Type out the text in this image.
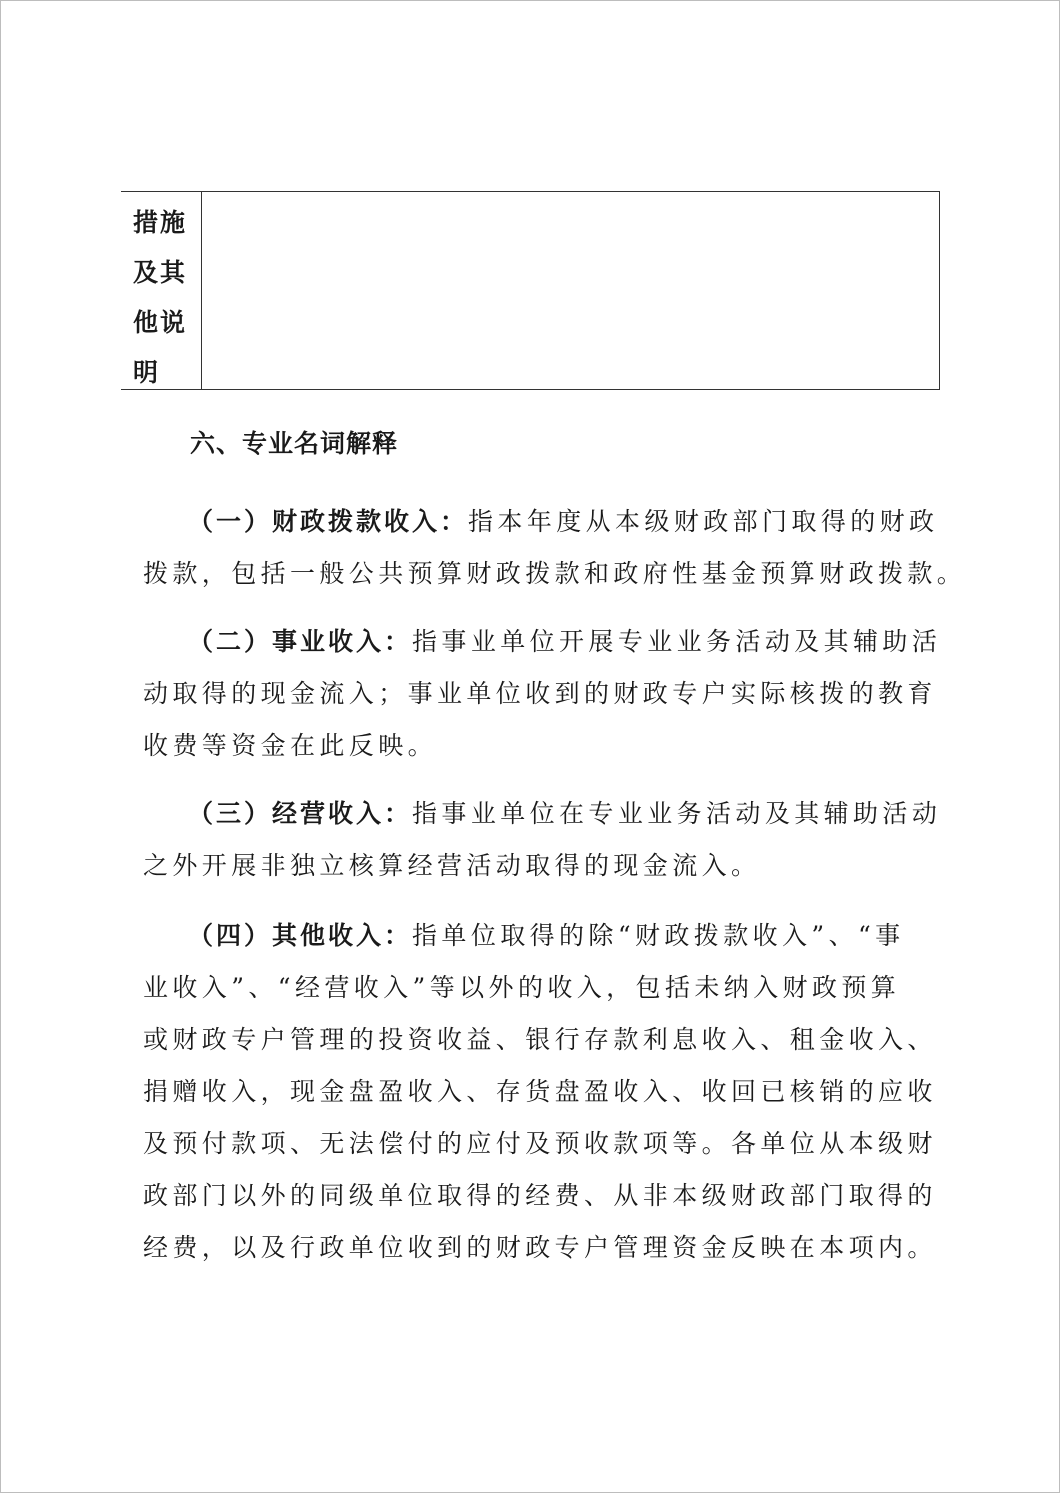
措施
及其
他说
明
六、专业名词解释
（一）财政拨款收入：指本年度从本级财政部门取得的财政
拨款，包括一般公共预算财政拨款和政府性基金预算财政拨款。
（二）事业收入：指事业单位开展专业业务活动及其辅助活
动取得的现金流入；事业单位收到的财政专户实际核拨的教育
收费等资金在此反映。
（三）经营收入：指事业单位在专业业务活动及其辅助活动
之外开展非独立核算经营活动取得的现金流入。
（四）其他收入：指单位取得的除“财政拨款收入”、“事
业收入”、“经营收入”等以外的收入，包括未纳入财政预算
或财政专户管理的投资收益、银行存款利息收入、租金收入、
捐赠收入，现金盘盈收入、存货盘盈收入、收回已核销的应收
及预付款项、无法偿付的应付及预收款项等。各单位从本级财
政部门以外的同级单位取得的经费、从非本级财政部门取得的
经费，以及行政单位收到的财政专户管理资金反映在本项内。
